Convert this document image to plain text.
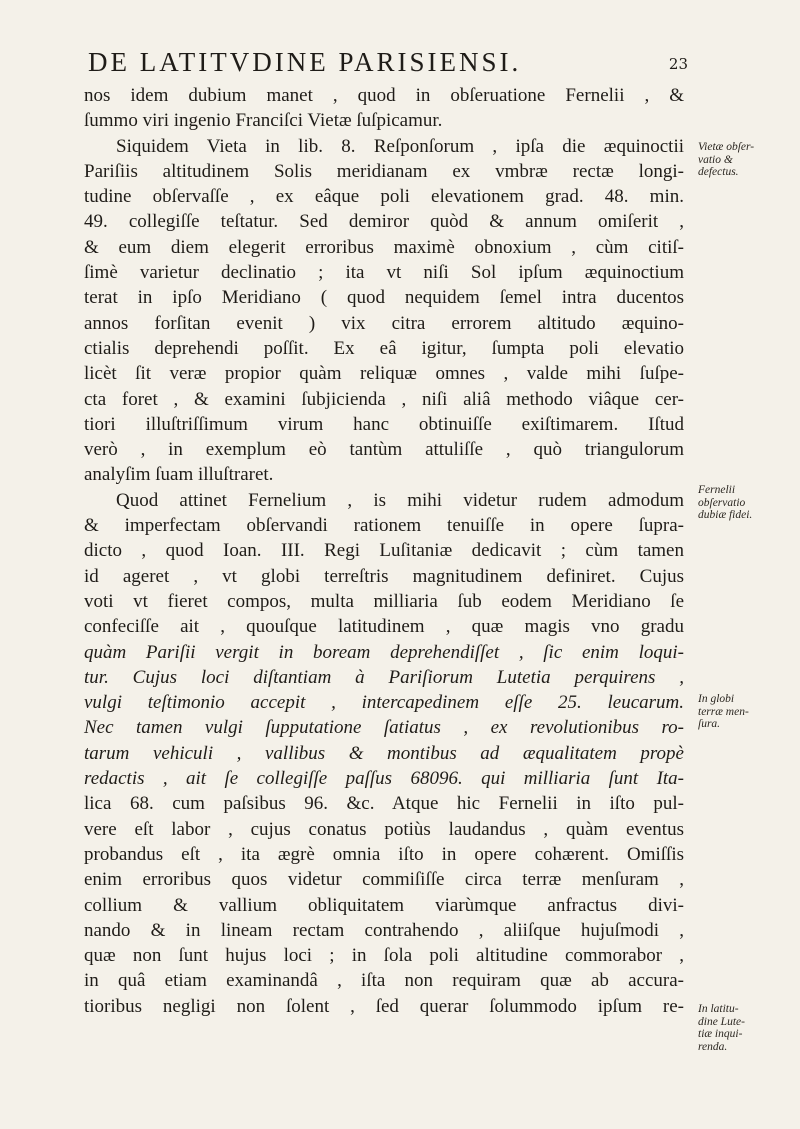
DE LATITVDINE PARISIENSI.	23
nos idem dubium manet , quod in obſeruatione Fernelii , &
ſummo viri ingenio Franciſci Vietæ ſuſpicamur.
Siquidem Vieta in lib. 8. Reſponſorum , ipſa die æquinoctii
Pariſiis altitudinem Solis meridianam ex vmbræ rectæ longi-
tudine obſervaſſe , ex eâque poli elevationem grad. 48. min.
49. collegiſſe teſtatur. Sed demiror quòd & annum omiſerit ,
& eum diem elegerit erroribus maximè obnoxium , cùm citiſ-
ſimè varietur declinatio ; ita vt niſi Sol ipſum æquinoctium
terat in ipſo Meridiano ( quod nequidem ſemel intra ducentos
annos forſitan evenit ) vix citra errorem altitudo æquino-
ctialis deprehendi poſſit. Ex eâ igitur, ſumpta poli elevatio
licèt ſit veræ propior quàm reliquæ omnes , valde mihi ſuſpe-
cta foret , & examini ſubjicienda , niſi aliâ methodo viâque cer-
tiori illuſtriſſimum virum hanc obtinuiſſe exiſtimarem. Iſtud
verò , in exemplum eò tantùm attuliſſe , quò triangulorum
analyſim ſuam illuſtraret.
Quod attinet Fernelium , is mihi videtur rudem admodum
& imperfectam obſervandi rationem tenuiſſe in opere ſupra-
dicto , quod Ioan. III. Regi Luſitaniæ dedicavit ; cùm tamen
id ageret , vt globi terreſtris magnitudinem definiret. Cujus
voti vt fieret compos, multa milliaria ſub eodem Meridiano ſe
confeciſſe ait , quouſque latitudinem , quæ magis vno gradu
quàm Pariſii vergit in boream deprehendiſſet , ſic enim loqui-
tur. Cujus loci diſtantiam à Pariſiorum Lutetia perquirens ,
vulgi teſtimonio accepit , intercapedinem eſſe 25. leucarum.
Nec tamen vulgi ſupputatione ſatiatus , ex revolutionibus ro-
tarum vehiculi , vallibus & montibus ad æqualitatem propè
redactis , ait ſe collegiſſe paſſus 68096. qui milliaria ſunt Ita-
lica 68. cum paſsibus 96. &c. Atque hic Fernelii in iſto pul-
vere eſt labor , cujus conatus potiùs laudandus , quàm eventus
probandus eſt , ita ægrè omnia iſto in opere cohærent. Omiſſis
enim erroribus quos videtur commiſiſſe circa terræ menſuram ,
collium & vallium obliquitatem viarùmque anfractus divi-
nando & in lineam rectam contrahendo , aliiſque hujuſmodi ,
quæ non ſunt hujus loci ; in ſola poli altitudine commorabor ,
in quâ etiam examinandâ , iſta non requiram quæ ab accura-
tioribus negligi non ſolent , ſed querar ſolummodo ipſum re-
Vietæ obſer-
vatio &
defectus.
Fernelii
obſervatio
dubiæ fidei.
In globi
terræ men-
ſura.
In latitu-
dine Lute-
tiæ inqui-
renda.
